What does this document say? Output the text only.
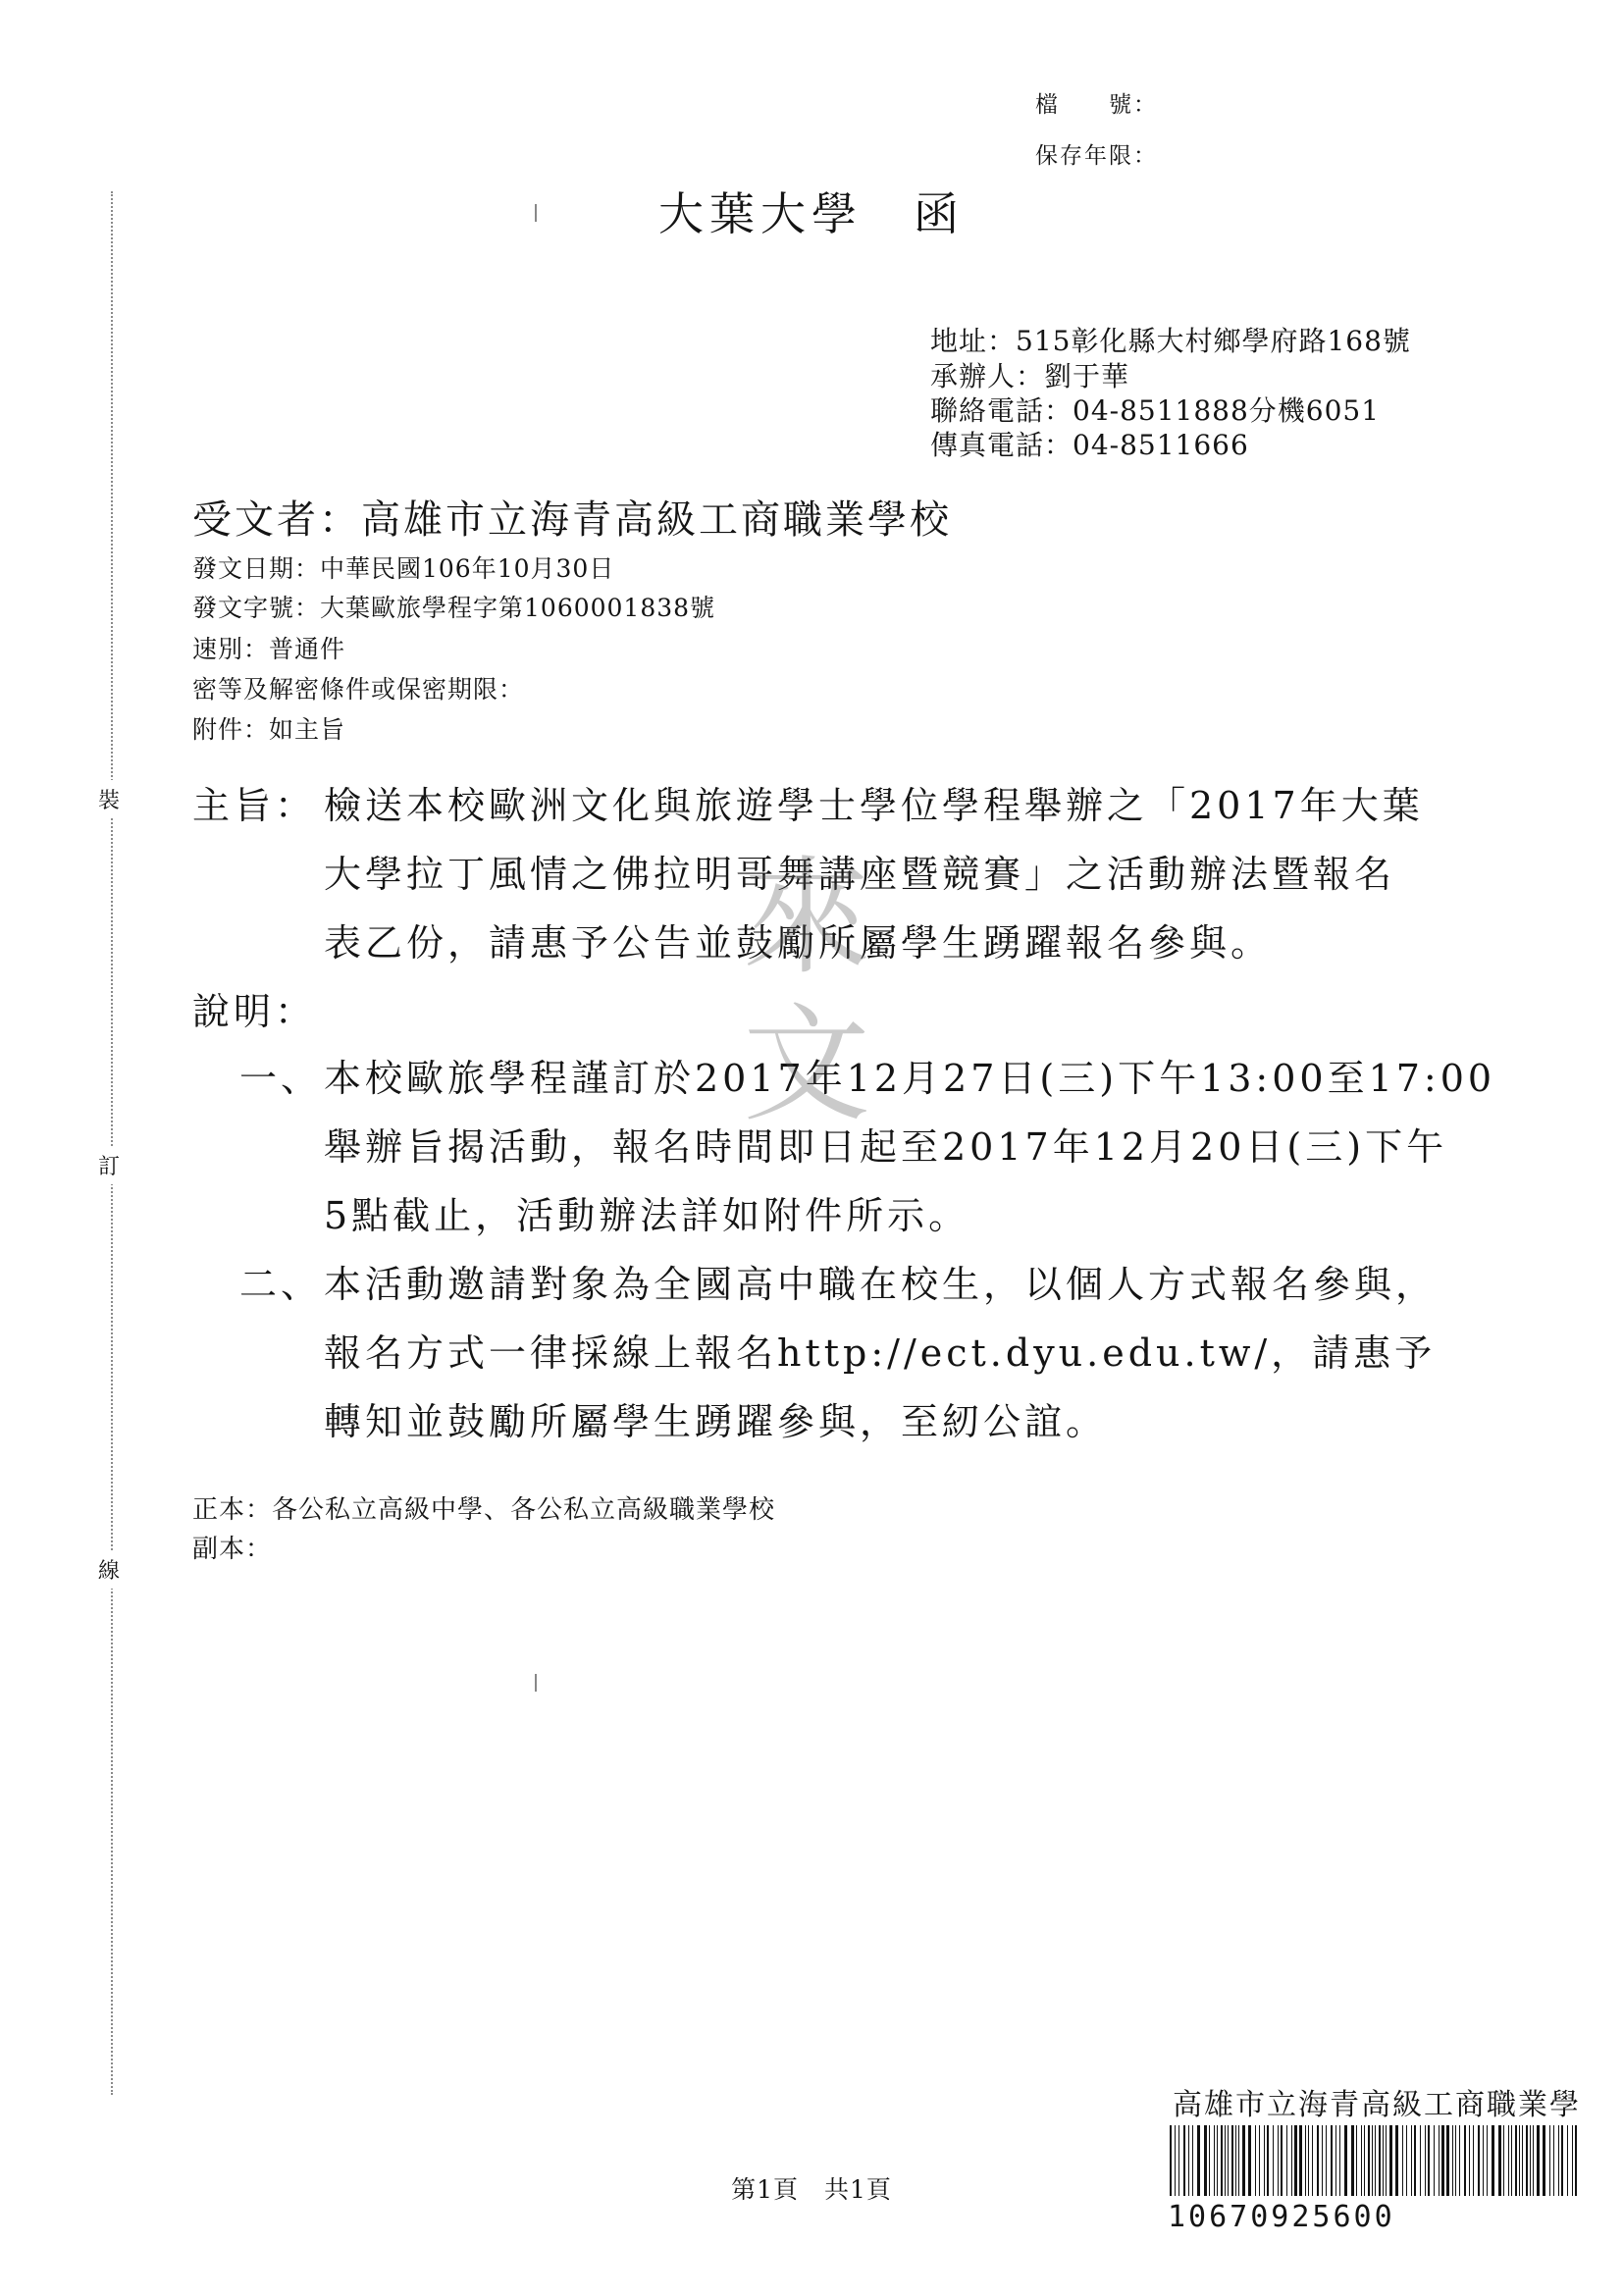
檔　　號：
保存年限：
大葉大學　函
地址：515彰化縣大村鄉學府路168號
承辦人：劉于華
聯絡電話：04-8511888分機6051
傳真電話：04-8511666
受文者：高雄市立海青高級工商職業學校
發文日期：中華民國106年10月30日
發文字號：大葉歐旅學程字第1060001838號
速別：普通件
密等及解密條件或保密期限：
附件：如主旨
主旨： 檢送本校歐洲文化與旅遊學士學位學程舉辦之「2017年大葉
大學拉丁風情之佛拉明哥舞講座暨競賽」之活動辦法暨報名
表乙份，請惠予公告並鼓勵所屬學生踴躍報名參與。
說明：
一、 本校歐旅學程謹訂於2017年12月27日(三)下午13:00至17:00
舉辦旨揭活動，報名時間即日起至2017年12月20日(三)下午
5點截止，活動辦法詳如附件所示。
二、 本活動邀請對象為全國高中職在校生，以個人方式報名參與，
報名方式一律採線上報名http://ect.dyu.edu.tw/，請惠予
轉知並鼓勵所屬學生踴躍參與，至紉公誼。
正本：各公私立高級中學、各公私立高級職業學校
副本：
裝
訂
線
來
文
第1頁　共1頁
高雄市立海青高級工商職業學
10670925600
